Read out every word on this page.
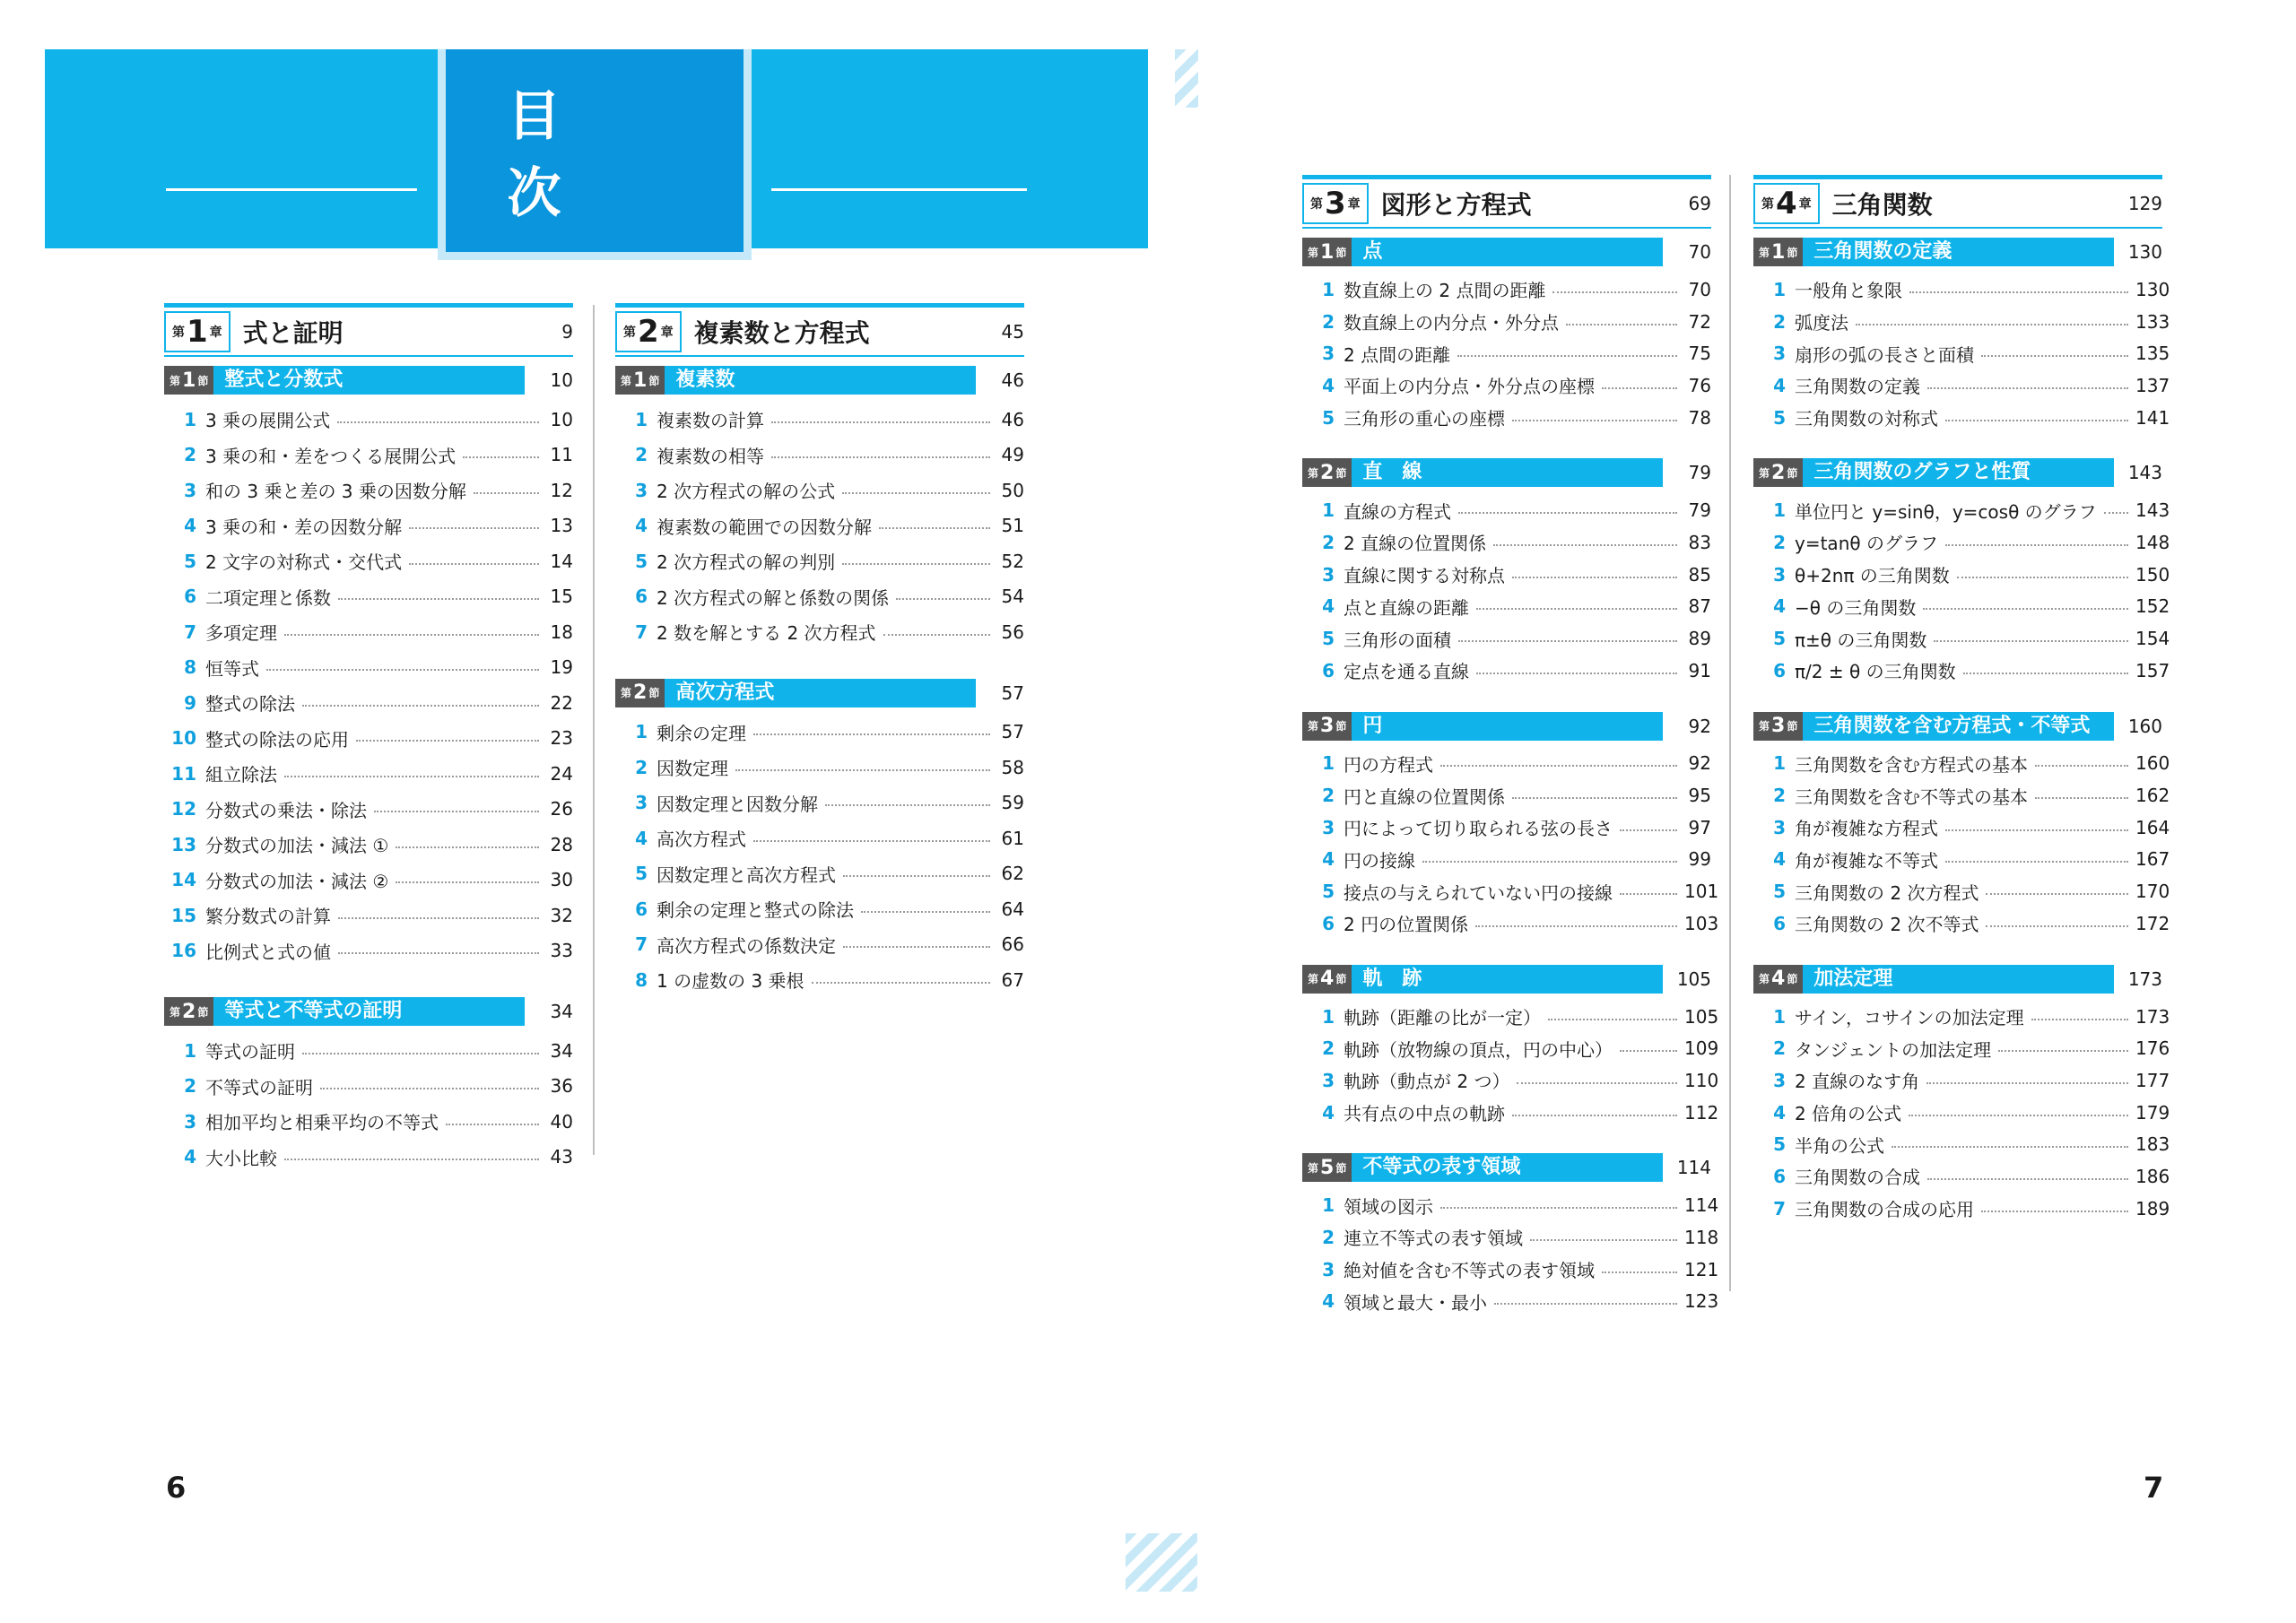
目　次
第 1 章 式と証明	9
第 1 節 整式と分数式	10
1 3 乗の展開公式	10
2 3 乗の和・差をつくる展開公式	11
3 和の 3 乗と差の 3 乗の因数分解	12
4 3 乗の和・差の因数分解	13
5 2 文字の対称式・交代式	14
6 二項定理と係数	15
7 多項定理	18
8 恒等式	19
9 整式の除法	22
10 整式の除法の応用	23
11 組立除法	24
12 分数式の乗法・除法	26
13 分数式の加法・減法 ①	28
14 分数式の加法・減法 ②	30
15 繁分数式の計算	32
16 比例式と式の値	33
第 2 節 等式と不等式の証明	34
1 等式の証明	34
2 不等式の証明	36
3 相加平均と相乗平均の不等式	40
4 大小比較	43
第 2 章 複素数と方程式	45
第 1 節 複素数	46
1 複素数の計算	46
2 複素数の相等	49
3 2 次方程式の解の公式	50
4 複素数の範囲での因数分解	51
5 2 次方程式の解の判別	52
6 2 次方程式の解と係数の関係	54
7 2 数を解とする 2 次方程式	56
第 2 節 高次方程式	57
1 剰余の定理	57
2 因数定理	58
3 因数定理と因数分解	59
4 高次方程式	61
5 因数定理と高次方程式	62
6 剰余の定理と整式の除法	64
7 高次方程式の係数決定	66
8 1 の虚数の 3 乗根	67
第 3 章 図形と方程式	69
第 1 節 点	70
1 数直線上の 2 点間の距離	70
2 数直線上の内分点・外分点	72
3 2 点間の距離	75
4 平面上の内分点・外分点の座標	76
5 三角形の重心の座標	78
第 2 節 直　線	79
1 直線の方程式	79
2 2 直線の位置関係	83
3 直線に関する対称点	85
4 点と直線の距離	87
5 三角形の面積	89
6 定点を通る直線	91
第 3 節 円	92
1 円の方程式	92
2 円と直線の位置関係	95
3 円によって切り取られる弦の長さ	97
4 円の接線	99
5 接点の与えられていない円の接線	101
6 2 円の位置関係	103
第 4 節 軌　跡	105
1 軌跡（距離の比が一定）	105
2 軌跡（放物線の頂点，円の中心）	109
3 軌跡（動点が 2 つ）	110
4 共有点の中点の軌跡	112
第 5 節 不等式の表す領域	114
1 領域の図示	114
2 連立不等式の表す領域	118
3 絶対値を含む不等式の表す領域	121
4 領域と最大・最小	123
第 4 章 三角関数	129
第 1 節 三角関数の定義	130
1 一般角と象限	130
2 弧度法	133
3 扇形の弧の長さと面積	135
4 三角関数の定義	137
5 三角関数の対称式	141
第 2 節 三角関数のグラフと性質	143
1 単位円と y=sinθ，y=cosθ のグラフ 143
2 y=tanθ のグラフ	148
3 θ+2nπ の三角関数	150
4 −θ の三角関数	152
5 π±θ の三角関数	154
6 π/2 ± θ の三角関数	157
第 3 節 三角関数を含む方程式・不等式	160
1 三角関数を含む方程式の基本	160
2 三角関数を含む不等式の基本	162
3 角が複雑な方程式	164
4 角が複雑な不等式	167
5 三角関数の 2 次方程式	170
6 三角関数の 2 次不等式	172
第 4 節 加法定理	173
1 サイン，コサインの加法定理	173
2 タンジェントの加法定理	176
3 2 直線のなす角	177
4 2 倍角の公式	179
5 半角の公式	183
6 三角関数の合成	186
7 三角関数の合成の応用	189
6	7
